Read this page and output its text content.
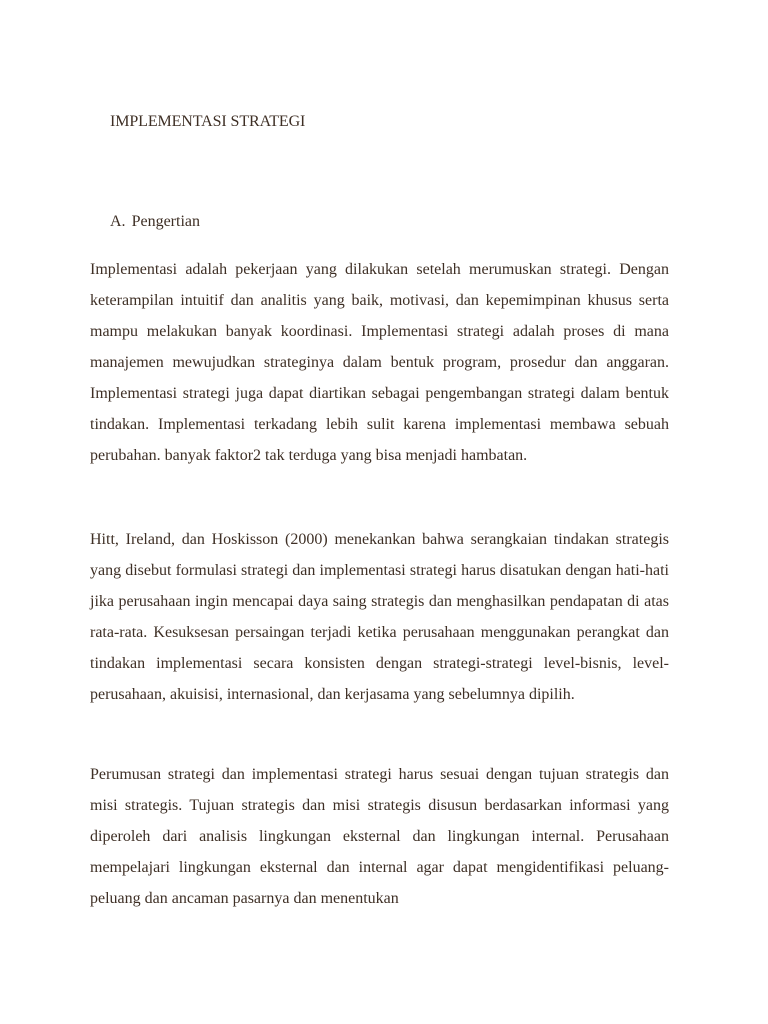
IMPLEMENTASI STRATEGI
A. Pengertian

Implementasi adalah pekerjaan yang dilakukan setelah merumuskan strategi. Dengan keterampilan intuitif dan analitis yang baik, motivasi, dan kepemimpinan khusus serta mampu melakukan banyak koordinasi. Implementasi strategi adalah proses di mana manajemen mewujudkan strateginya dalam bentuk program, prosedur dan anggaran. Implementasi strategi juga dapat diartikan sebagai pengembangan strategi dalam bentuk tindakan. Implementasi terkadang lebih sulit karena implementasi membawa sebuah perubahan. banyak faktor2 tak terduga yang bisa menjadi hambatan.

Hitt, Ireland, dan Hoskisson (2000) menekankan bahwa serangkaian tindakan strategis yang disebut formulasi strategi dan implementasi strategi harus disatukan dengan hati-hati jika perusahaan ingin mencapai daya saing strategis dan menghasilkan pendapatan di atas rata-rata. Kesuksesan persaingan terjadi ketika perusahaan menggunakan perangkat dan tindakan implementasi secara konsisten dengan strategi-strategi level-bisnis, level-perusahaan, akuisisi, internasional, dan kerjasama yang sebelumnya dipilih.

Perumusan strategi dan implementasi strategi harus sesuai dengan tujuan strategis dan misi strategis. Tujuan strategis dan misi strategis disusun berdasarkan informasi yang diperoleh dari analisis lingkungan eksternal dan lingkungan internal. Perusahaan mempelajari lingkungan eksternal dan internal agar dapat mengidentifikasi peluang-peluang dan ancaman pasarnya dan menentukan
